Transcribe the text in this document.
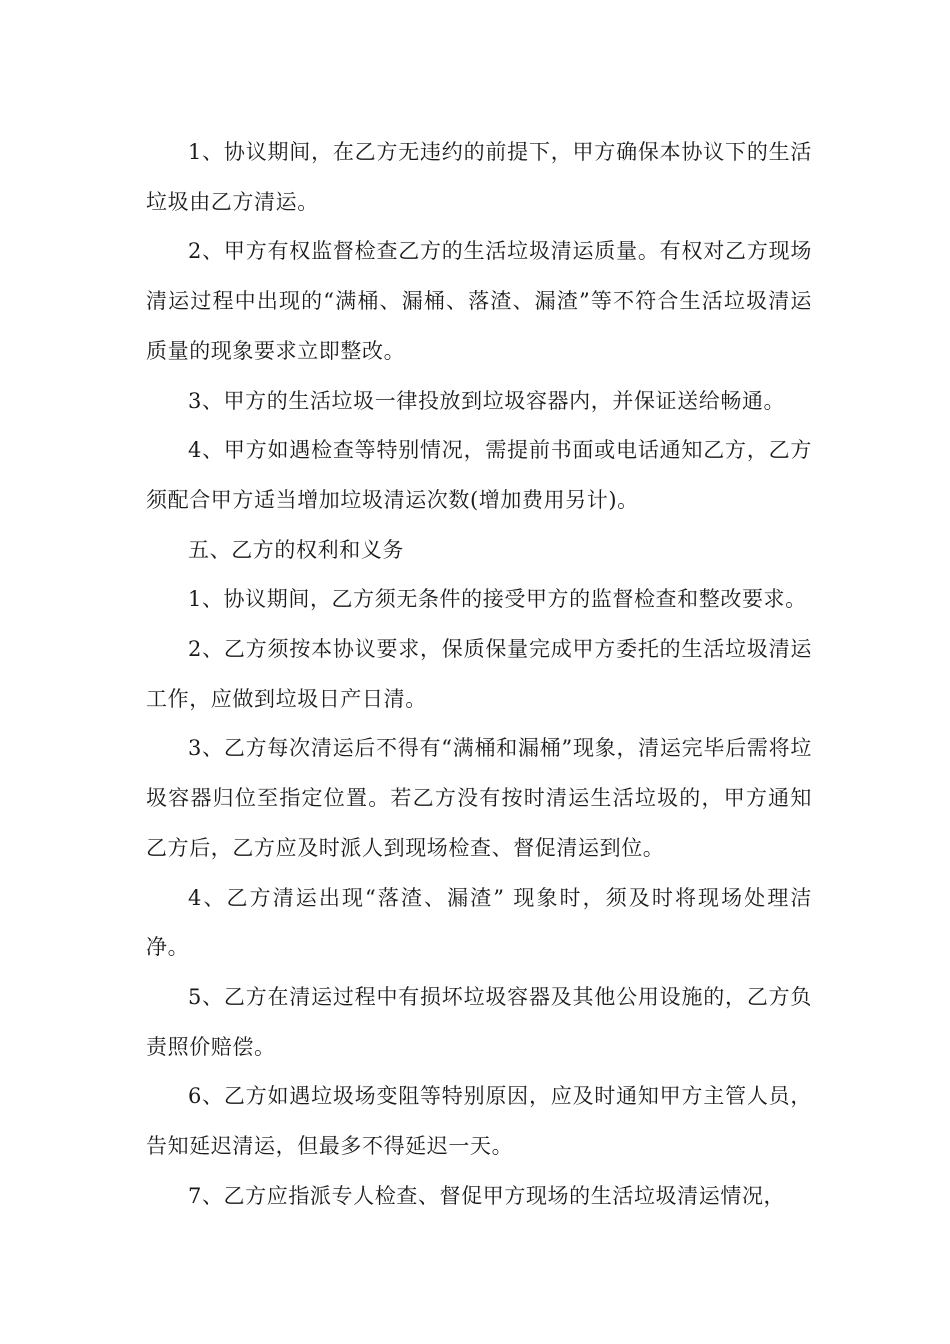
1、协议期间，在乙方无违约的前提下，甲方确保本协议下的生活垃圾由乙方清运。

2、甲方有权监督检查乙方的生活垃圾清运质量。有权对乙方现场清运过程中出现的“满桶、漏桶、落渣、漏渣”等不符合生活垃圾清运质量的现象要求立即整改。

3、甲方的生活垃圾一律投放到垃圾容器内，并保证送给畅通。

4、甲方如遇检查等特别情况，需提前书面或电话通知乙方，乙方须配合甲方适当增加垃圾清运次数(增加费用另计)。

五、乙方的权利和义务

1、协议期间，乙方须无条件的接受甲方的监督检查和整改要求。

2、乙方须按本协议要求，保质保量完成甲方委托的生活垃圾清运工作，应做到垃圾日产日清。

3、乙方每次清运后不得有“满桶和漏桶”现象，清运完毕后需将垃圾容器归位至指定位置。若乙方没有按时清运生活垃圾的，甲方通知乙方后，乙方应及时派人到现场检查、督促清运到位。

4、乙方清运出现“落渣、漏渣” 现象时，须及时将现场处理洁净。

5、乙方在清运过程中有损坏垃圾容器及其他公用设施的，乙方负责照价赔偿。

6、乙方如遇垃圾场变阻等特别原因，应及时通知甲方主管人员，告知延迟清运，但最多不得延迟一天。

7、乙方应指派专人检查、督促甲方现场的生活垃圾清运情况，
